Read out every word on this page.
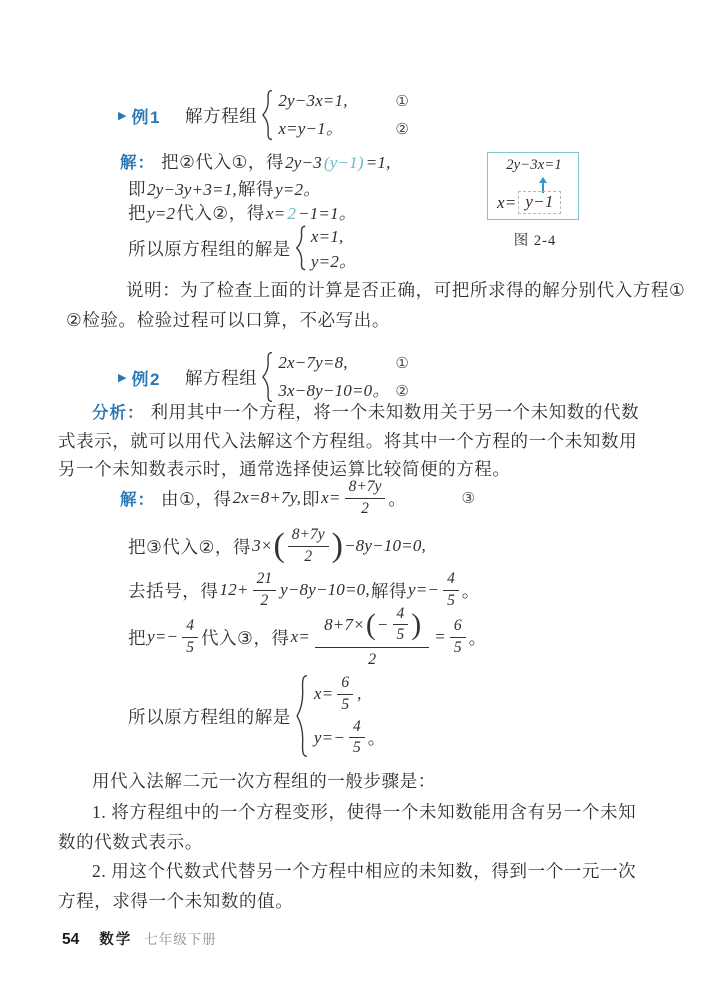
▶ 例1 解方程组
2y−3x=1,
x=y−1。
①
②
解： 把②代入①，得2y−3 (y−1) =1,
即2y−3y+3=1,解得y=2。
把y=2代入②，得x= 2 −1=1。
所以原方程组的解是
x=1,
y=2。
2y−3x=1
x= y−1
图 2-4
说明：为了检查上面的计算是否正确，可把所求得的解分别代入方程①
②检验。检验过程可以口算，不必写出。
▶ 例2 解方程组
2x−7y=8,
3x−8y−10=0。
①
②
分析： 利用其中一个方程，将一个未知数用关于另一个未知数的代数
式表示，就可以用代入法解这个方程组。将其中一个方程的一个未知数用
另一个未知数表示时，通常选择使运算比较简便的方程。
解： 由①，得 2x=8+7y, 即 $x= \frac{8+7y}{2}$ 。	③
把③代入②，得 3× ( $\frac{8+7y}{2}$ ) −8y−10=0,
去括号，得 $12+ \frac{21}{2} y-8y-10=0$, 解得 $y=- \frac{4}{5}$ 。
把 $y=- \frac{4}{5}$ 代入③，得 $x= \frac{8+7\times ( - \frac{4}{5} )}{2} = \frac{6}{5}$ 。
所以原方程组的解是
$x= \frac{6}{5}$ ,
$y=- \frac{4}{5}$ 。
用代入法解二元一次方程组的一般步骤是：
1. 将方程组中的一个方程变形，使得一个未知数能用含有另一个未知
数的代数式表示。
2. 用这个代数式代替另一个方程中相应的未知数，得到一个一元一次
方程，求得一个未知数的值。
54 数学 七年级下册
